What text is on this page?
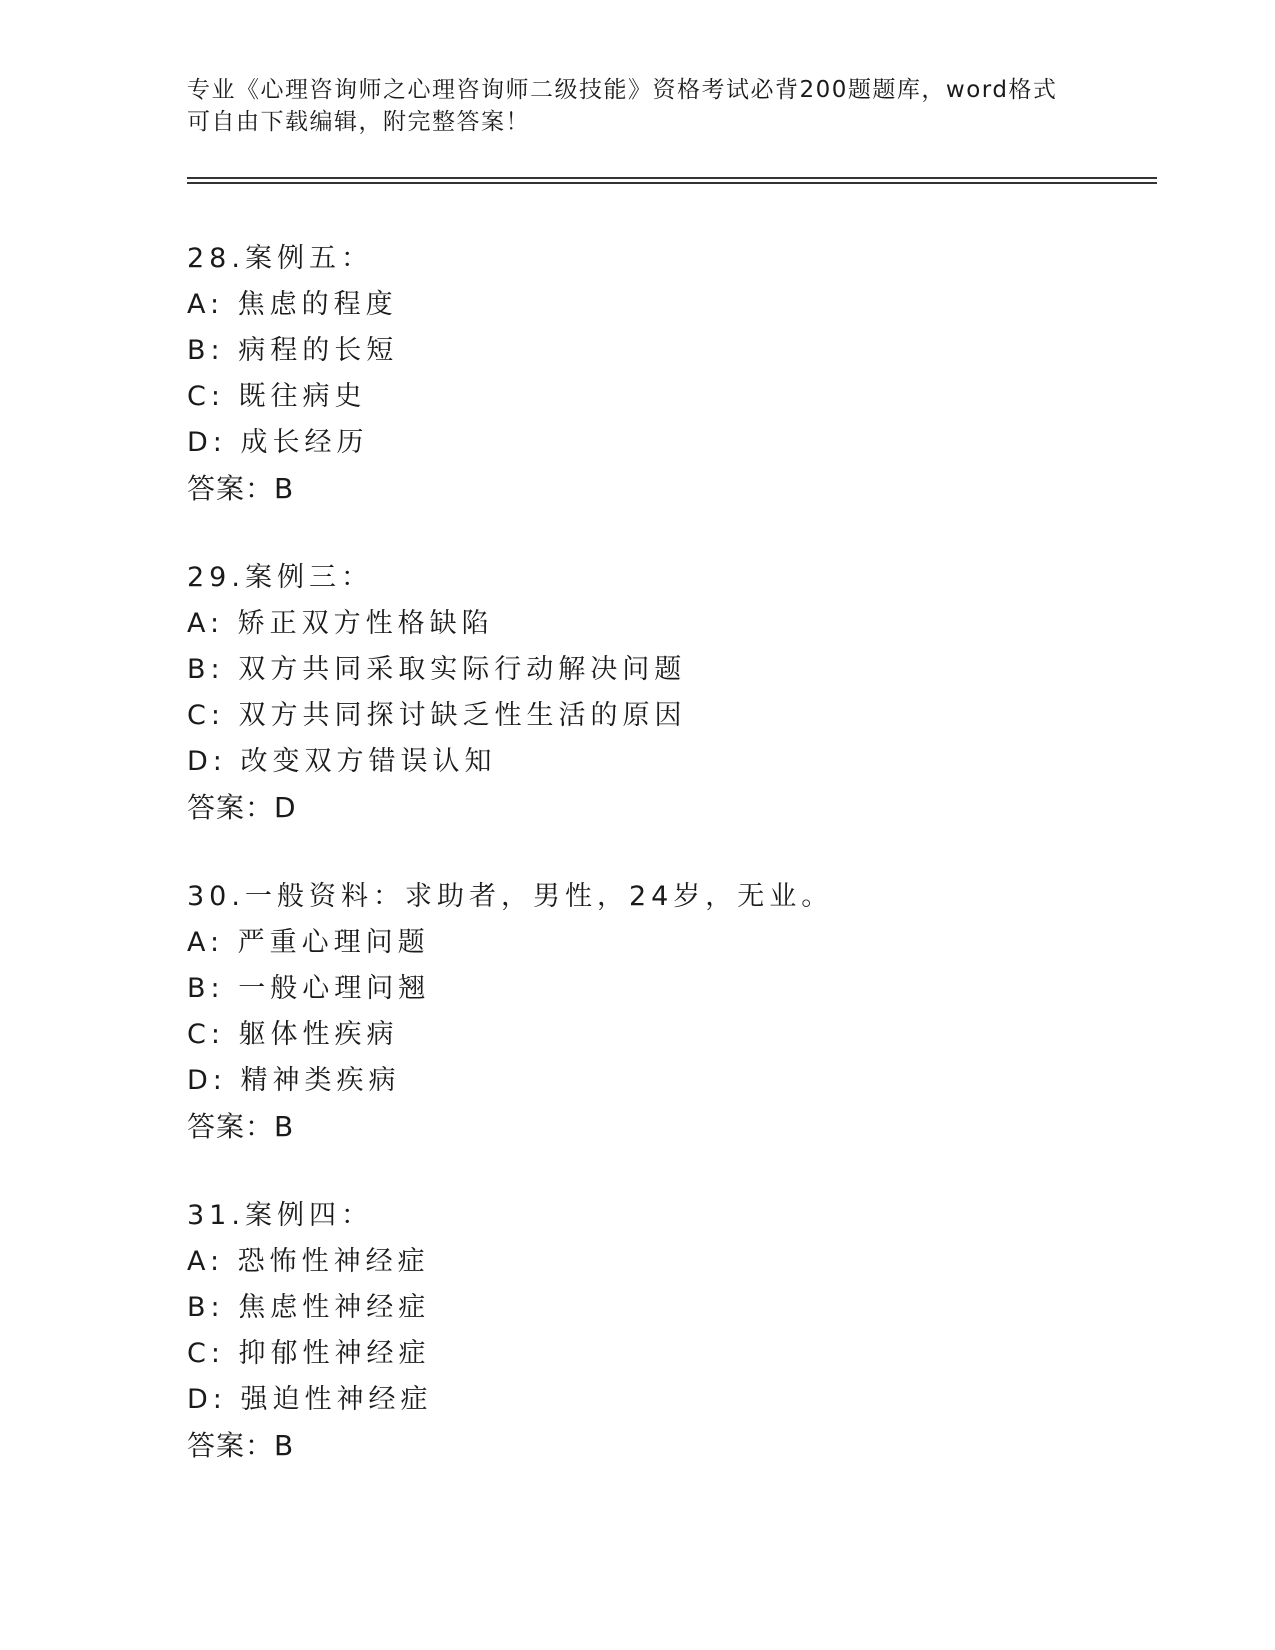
专业《心理咨询师之心理咨询师二级技能》资格考试必背200题题库，word格式
可自由下载编辑，附完整答案！
28.案例五：
A: 焦虑的程度
B: 病程的长短
C: 既往病史
D: 成长经历
答案：B
29.案例三：
A: 矫正双方性格缺陷
B: 双方共同采取实际行动解决问题
C: 双方共同探讨缺乏性生活的原因
D: 改变双方错误认知
答案：D
30.一般资料：求助者，男性，24岁，无业。
A: 严重心理问题
B: 一般心理问翘
C: 躯体性疾病
D: 精神类疾病
答案：B
31.案例四：
A: 恐怖性神经症
B: 焦虑性神经症
C: 抑郁性神经症
D: 强迫性神经症
答案：B
